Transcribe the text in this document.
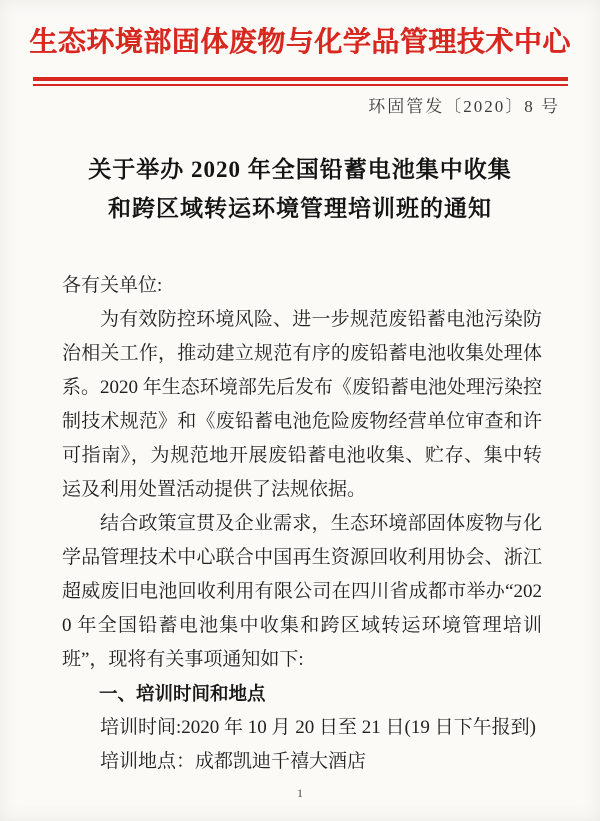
生态环境部固体废物与化学品管理技术中心
环固管发〔2020〕8 号
关于举办 2020 年全国铅蓄电池集中收集
和跨区域转运环境管理培训班的通知
各有关单位:

为有效防控环境风险、进一步规范废铅蓄电池污染防治相关工作，推动建立规范有序的废铅蓄电池收集处理体系。2020 年生态环境部先后发布《废铅蓄电池处理污染控制技术规范》和《废铅蓄电池危险废物经营单位审查和许可指南》，为规范地开展废铅蓄电池收集、贮存、集中转运及利用处置活动提供了法规依据。

结合政策宣贯及企业需求，生态环境部固体废物与化学品管理技术中心联合中国再生资源回收利用协会、浙江超威废旧电池回收利用有限公司在四川省成都市举办“2020 年全国铅蓄电池集中收集和跨区域转运环境管理培训班”，现将有关事项通知如下:

一、培训时间和地点
培训时间:2020 年 10 月 20 日至 21 日(19 日下午报到)
培训地点：成都凯迪千禧大酒店
1
